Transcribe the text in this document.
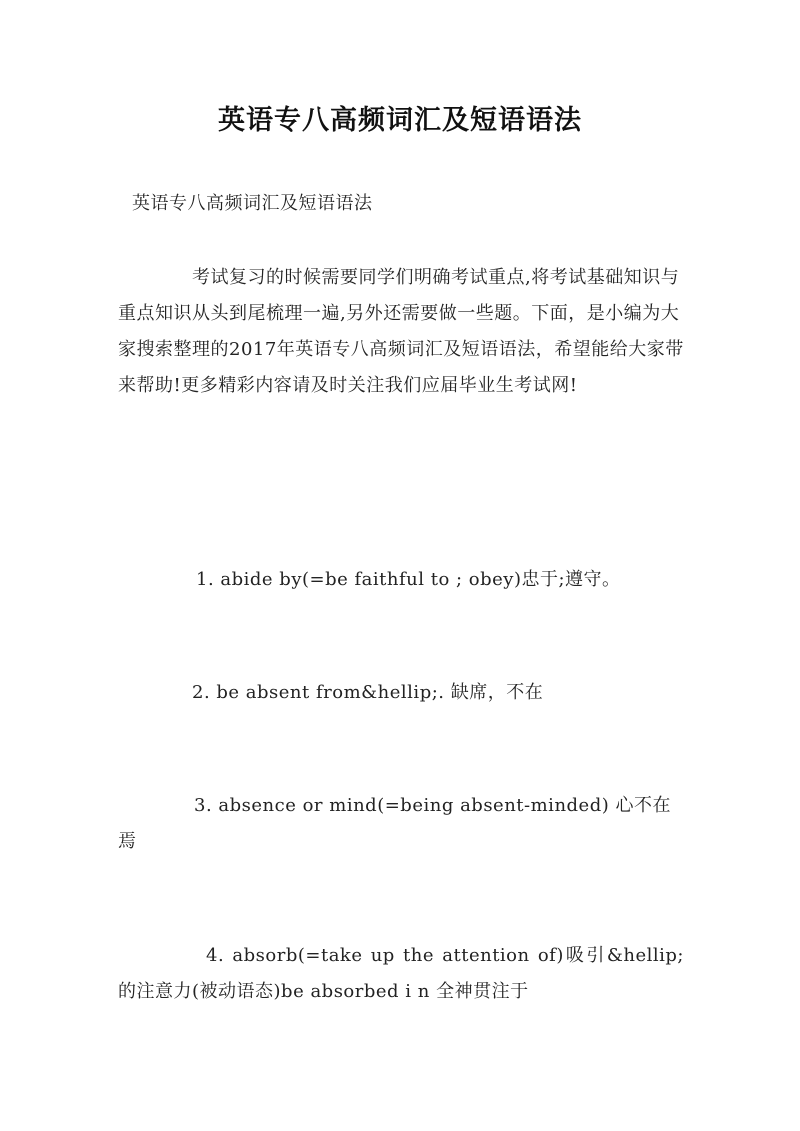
英语专八高频词汇及短语语法
英语专八高频词汇及短语语法
考试复习的时候需要同学们明确考试重点,将考试基础知识与重点知识从头到尾梳理一遍,另外还需要做一些题。下面，是小编为大家搜索整理的2017年英语专八高频词汇及短语语法，希望能给大家带来帮助!更多精彩内容请及时关注我们应届毕业生考试网!
1. abide by(=be faithful to ; obey)忠于;遵守。
2. be absent from&hellip;. 缺席，不在
3. absence or mind(=being absent-minded) 心不在焉
4. absorb(=take up the attention of)吸引&hellip;的注意力(被动语态)be absorbed i n 全神贯注于
